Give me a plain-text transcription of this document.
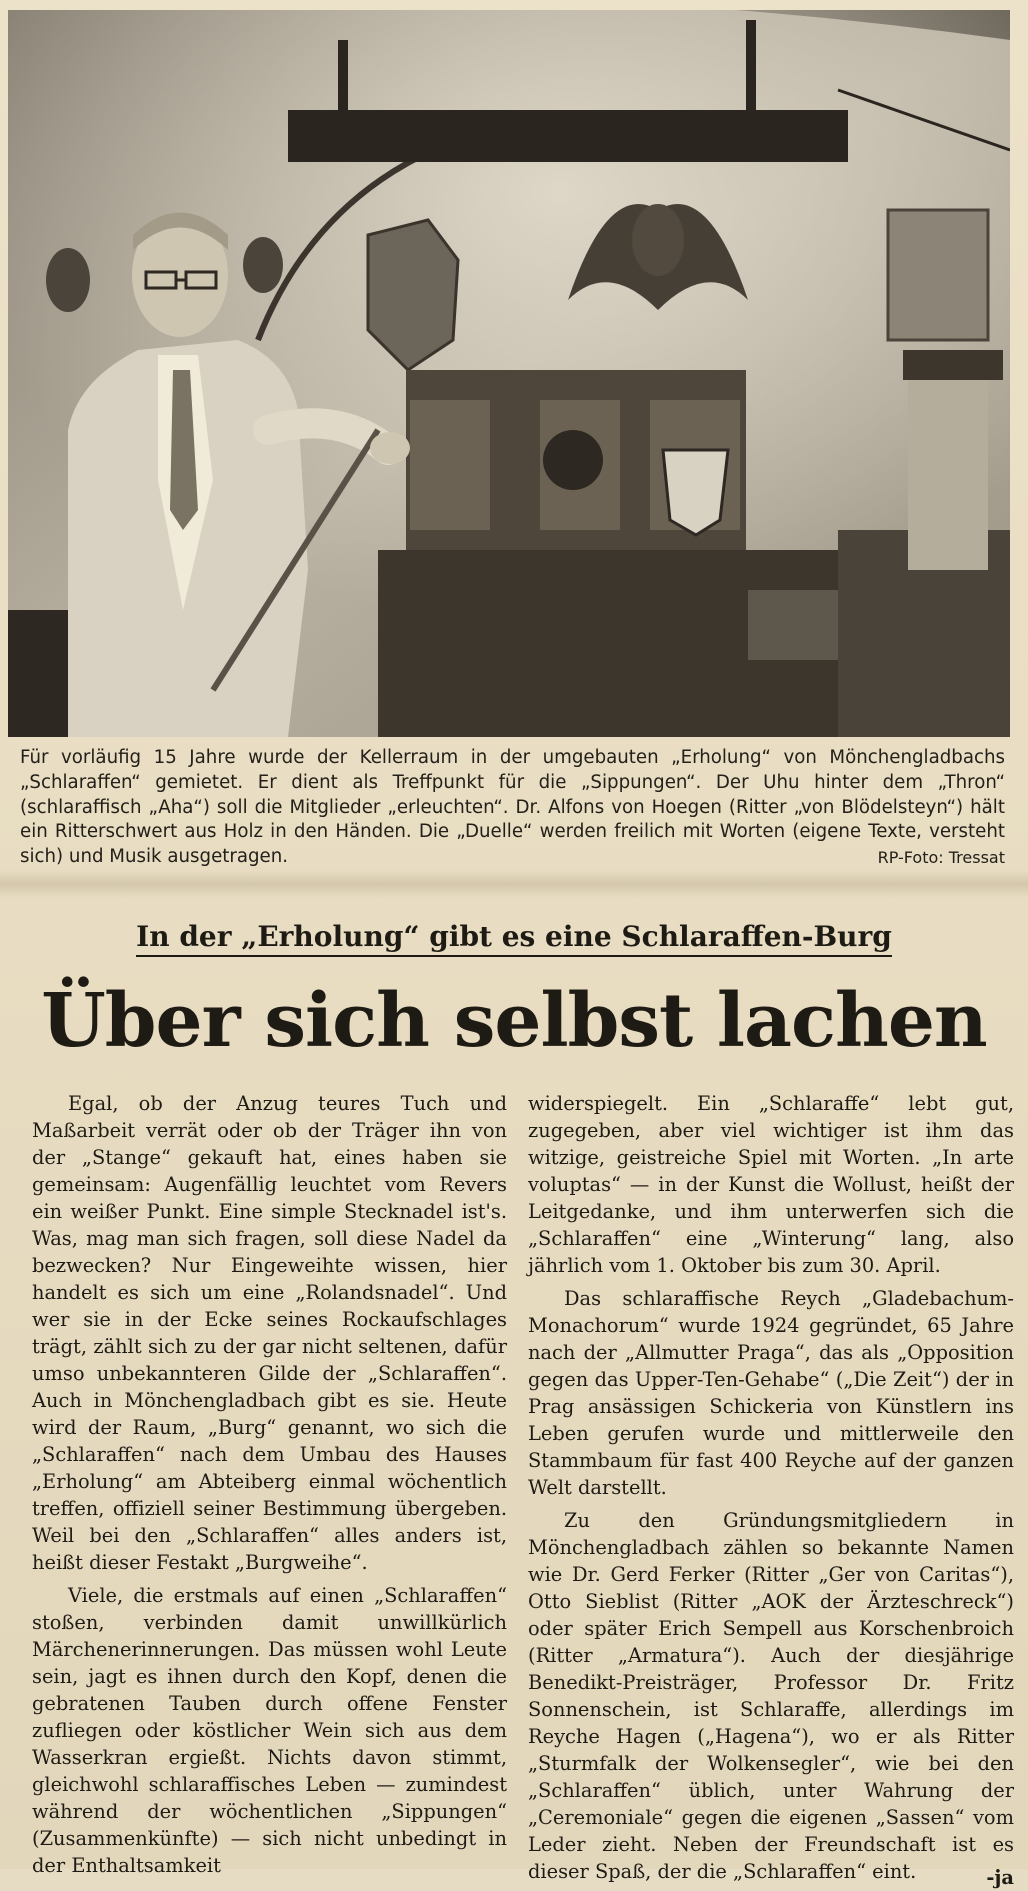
Für vorläufig 15 Jahre wurde der Kellerraum in der umgebauten „Erholung“ von Mönchengladbachs „Schlaraffen“ gemietet. Er dient als Treffpunkt für die „Sippungen“. Der Uhu hinter dem „Thron“ (schlaraffisch „Aha“) soll die Mitglieder „erleuchten“. Dr. Alfons von Hoegen (Ritter „von Blödelsteyn“) hält ein Ritterschwert aus Holz in den Händen. Die „Duelle“ werden freilich mit Worten (eigene Texte, versteht sich) und Musik ausgetragen.	RP-Foto: Tressat
In der „Erholung“ gibt es eine Schlaraffen-Burg
Über sich selbst lachen

Egal, ob der Anzug teures Tuch und Maßarbeit verrät oder ob der Träger ihn von der „Stange“ gekauft hat, eines haben sie gemeinsam: Augenfällig leuchtet vom Revers ein weißer Punkt. Eine simple Stecknadel ist's. Was, mag man sich fragen, soll diese Nadel da bezwecken? Nur Eingeweihte wissen, hier handelt es sich um eine „Rolandsnadel“. Und wer sie in der Ecke seines Rockaufschlages trägt, zählt sich zu der gar nicht seltenen, dafür umso unbekannteren Gilde der „Schlaraffen“. Auch in Mönchengladbach gibt es sie. Heute wird der Raum, „Burg“ genannt, wo sich die „Schlaraffen“ nach dem Umbau des Hauses „Erholung“ am Abteiberg einmal wöchentlich treffen, offiziell seiner Bestimmung übergeben. Weil bei den „Schlaraffen“ alles anders ist, heißt dieser Festakt „Burgweihe“.

Viele, die erstmals auf einen „Schlaraffen“ stoßen, verbinden damit unwillkürlich Märchenerinnerungen. Das müssen wohl Leute sein, jagt es ihnen durch den Kopf, denen die gebratenen Tauben durch offene Fenster zufliegen oder köstlicher Wein sich aus dem Wasserkran ergießt. Nichts davon stimmt, gleichwohl schlaraffisches Leben — zumindest während der wöchentlichen „Sippungen“ (Zusammenkünfte) — sich nicht unbedingt in der Enthaltsamkeit

widerspiegelt. Ein „Schlaraffe“ lebt gut, zugegeben, aber viel wichtiger ist ihm das witzige, geistreiche Spiel mit Worten. „In arte voluptas“ — in der Kunst die Wollust, heißt der Leitgedanke, und ihm unterwerfen sich die „Schlaraffen“ eine „Winterung“ lang, also jährlich vom 1. Oktober bis zum 30. April.

Das schlaraffische Reych „Gladebachum-Monachorum“ wurde 1924 gegründet, 65 Jahre nach der „Allmutter Praga“, das als „Opposition gegen das Upper-Ten-Gehabe“ („Die Zeit“) der in Prag ansässigen Schickeria von Künstlern ins Leben gerufen wurde und mittlerweile den Stammbaum für fast 400 Reyche auf der ganzen Welt darstellt.

Zu den Gründungsmitgliedern in Mönchengladbach zählen so bekannte Namen wie Dr. Gerd Ferker (Ritter „Ger von Caritas“), Otto Sieblist (Ritter „AOK der Ärzteschreck“) oder später Erich Sempell aus Korschenbroich (Ritter „Armatura“). Auch der diesjährige Benedikt-Preisträger, Professor Dr. Fritz Sonnenschein, ist Schlaraffe, allerdings im Reyche Hagen („Hagena“), wo er als Ritter „Sturmfalk der Wolkensegler“, wie bei den „Schlaraffen“ üblich, unter Wahrung der „Ceremoniale“ gegen die eigenen „Sassen“ vom Leder zieht. Neben der Freundschaft ist es dieser Spaß, der die „Schlaraffen“ eint.	-ja
